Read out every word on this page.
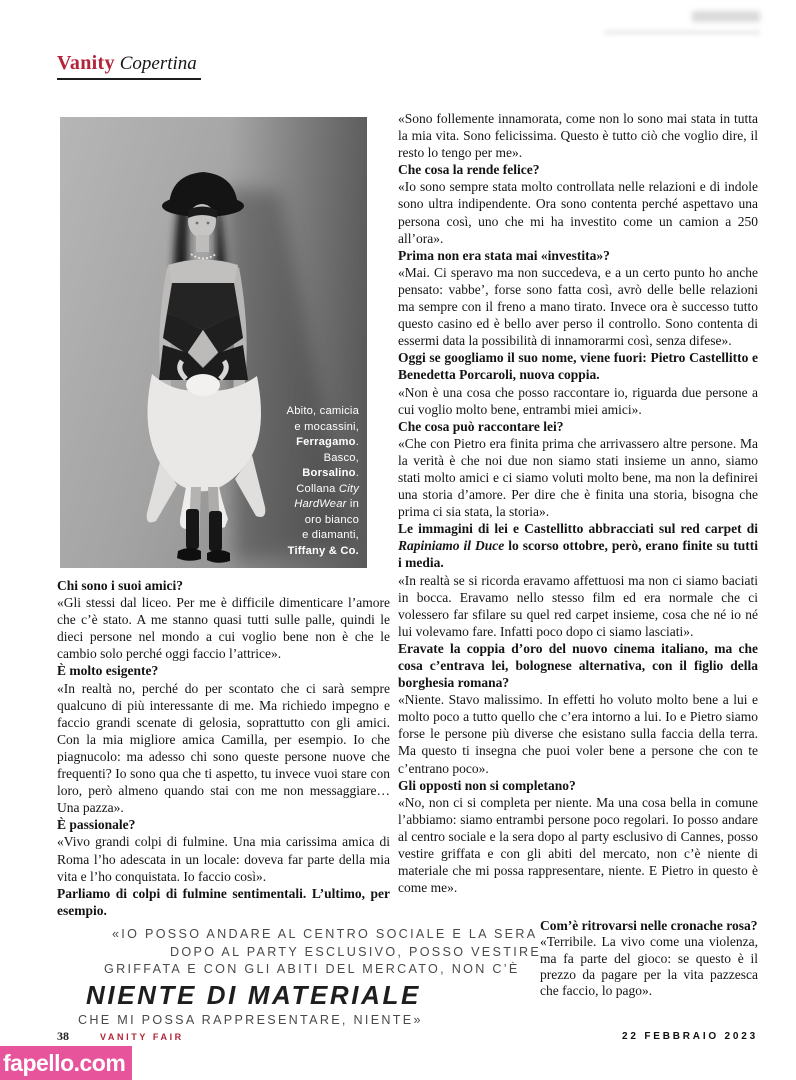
Vanity Copertina
Abito, camicia
e mocassini,
Ferragamo.
Basco,
Borsalino.
Collana City
HardWear in
oro bianco
e diamanti,
Tiffany & Co.

Chi sono i suoi amici?

«Gli stessi dal liceo. Per me è difficile dimenticare l’amore che c’è stato. A me stanno quasi tutti sulle palle, quindi le dieci persone nel mondo a cui voglio bene non è che le cambio solo perché oggi faccio l’attrice».

È molto esigente?

«In realtà no, perché do per scontato che ci sarà sempre qualcuno di più interessante di me. Ma richiedo impegno e faccio grandi scenate di gelosia, soprattutto con gli amici. Con la mia migliore amica Camilla, per esempio. Io che piagnucolo: ma adesso chi sono queste persone nuove che frequenti? Io sono qua che ti aspetto, tu invece vuoi stare con loro, però almeno quando stai con me non messaggiare… Una pazza».

È passionale?

«Vivo grandi colpi di fulmine. Una mia carissima amica di Roma l’ho adescata in un locale: doveva far parte della mia vita e l’ho conquistata. Io faccio così».

Parliamo di colpi di fulmine sentimentali. L’ultimo, per esempio.

«Sono follemente innamorata, come non lo sono mai stata in tutta la mia vita. Sono felicissima. Questo è tutto ciò che voglio dire, il resto lo tengo per me».

Che cosa la rende felice?

«Io sono sempre stata molto controllata nelle relazioni e di indole sono ultra indipendente. Ora sono contenta perché aspettavo una persona così, uno che mi ha investito come un camion a 250 all’ora».

Prima non era stata mai «investita»?

«Mai. Ci speravo ma non succedeva, e a un certo punto ho anche pensato: vabbe’, forse sono fatta così, avrò delle belle relazioni ma sempre con il freno a mano tirato. Invece ora è successo tutto questo casino ed è bello aver perso il controllo. Sono contenta di essermi data la possibilità di innamorarmi così, senza difese».

Oggi se googliamo il suo nome, viene fuori: Pietro Castellitto e Benedetta Porcaroli, nuova coppia.

«Non è una cosa che posso raccontare io, riguarda due persone a cui voglio molto bene, entrambi miei amici».

Che cosa può raccontare lei?

«Che con Pietro era finita prima che arrivassero altre persone. Ma la verità è che noi due non siamo stati insieme un anno, siamo stati molto amici e ci siamo voluti molto bene, ma non la definirei una storia d’amore. Per dire che è finita una storia, bisogna che prima ci sia stata, la storia».

Le immagini di lei e Castellitto abbracciati sul red carpet di Rapiniamo il Duce lo scorso ottobre, però, erano finite su tutti i media.

«In realtà se si ricorda eravamo affettuosi ma non ci siamo baciati in bocca. Eravamo nello stesso film ed era normale che ci volessero far sfilare su quel red carpet insieme, cosa che né io né lui volevamo fare. Infatti poco dopo ci siamo lasciati».

Eravate la coppia d’oro del nuovo cinema italiano, ma che cosa c’entrava lei, bolognese alternativa, con il figlio della borghesia romana?

«Niente. Stavo malissimo. In effetti ho voluto molto bene a lui e molto poco a tutto quello che c’era intorno a lui. Io e Pietro siamo forse le persone più diverse che esistano sulla faccia della terra. Ma questo ti insegna che puoi voler bene a persone che con te c’entrano poco».

Gli opposti non si completano?

«No, non ci si completa per niente. Ma una cosa bella in comune l’abbiamo: siamo entrambi persone poco regolari. Io posso andare al centro sociale e la sera dopo al party esclusivo di Cannes, posso vestire griffata e con gli abiti del mercato, non c’è niente di materiale che mi possa rappresentare, niente. E Pietro in questo è come me».

Com’è ritrovarsi nelle cronache rosa?

«Terribile. La vivo come una violenza, ma fa parte del gioco: se questo è il prezzo da pagare per la vita pazzesca che faccio, lo pago».

«IO POSSO ANDARE AL CENTRO SOCIALE E LA SERA
DOPO AL PARTY ESCLUSIVO, POSSO VESTIRE
GRIFFATA E CON GLI ABITI DEL MERCATO, NON C’È
NIENTE DI MATERIALE
CHE MI POSSA RAPPRESENTARE, NIENTE»
38	VANITY FAIR	22 FEBBRAIO 2023
fapello.com
